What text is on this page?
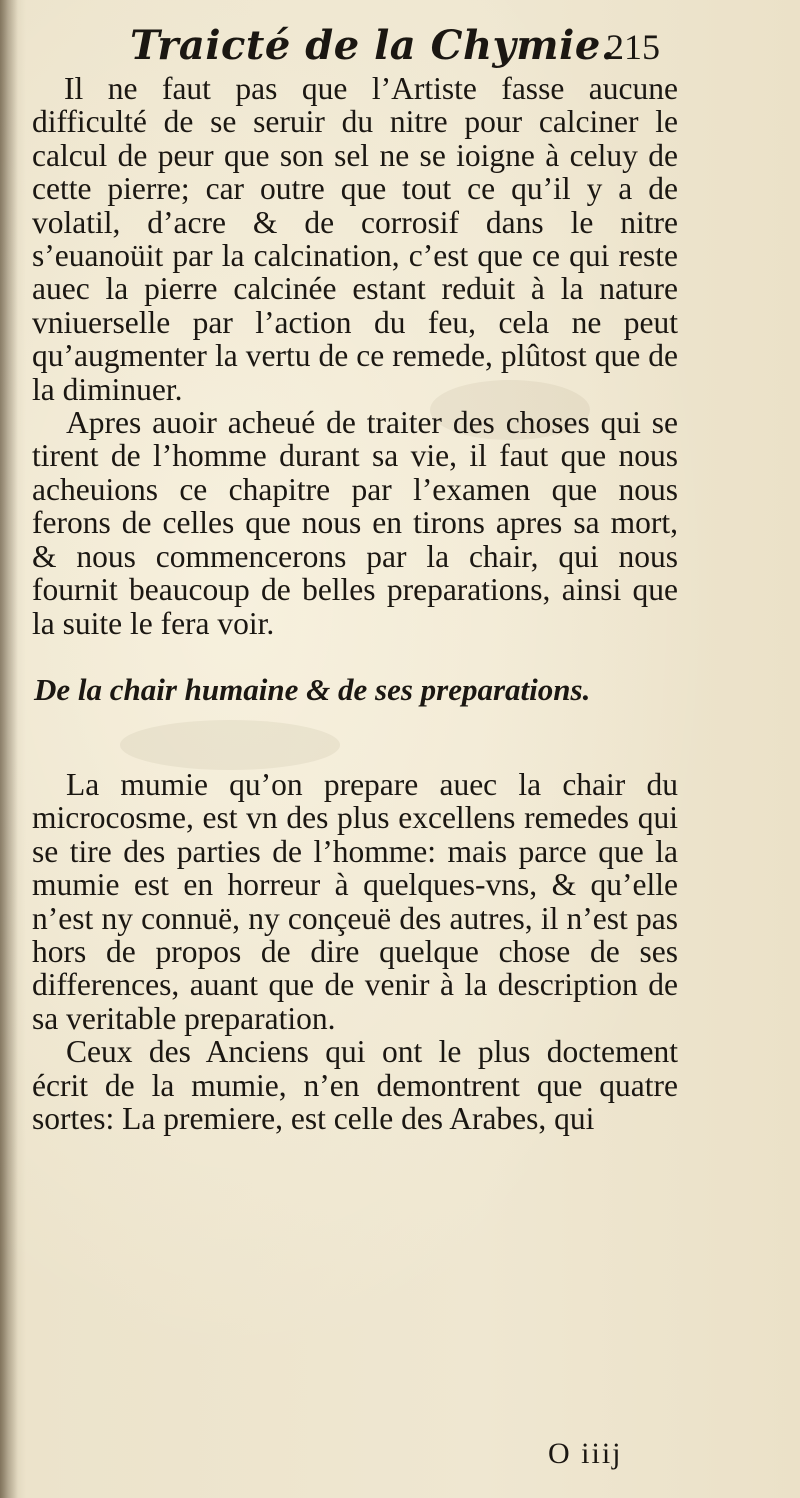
Traicté de la Chymie.
215

Il ne faut pas que l’Artiste fasse aucune difficulté de se seruir du nitre pour calciner le calcul de peur que son sel ne se ioigne à celuy de cette pierre; car outre que tout ce qu’il y a de volatil, d’acre & de corrosif dans le nitre s’euanoüit par la calcination, c’est que ce qui reste auec la pierre calcinée estant reduit à la nature vniuerselle par l’action du feu, cela ne peut qu’augmenter la vertu de ce remede, plûtost que de la diminuer.

Apres auoir acheué de traiter des choses qui se tirent de l’homme durant sa vie, il faut que nous acheuions ce chapitre par l’examen que nous ferons de celles que nous en tirons apres sa mort, & nous commencerons par la chair, qui nous fournit beaucoup de belles preparations, ainsi que la suite le fera voir.

De la chair humaine & de ses preparations.

La mumie qu’on prepare auec la chair du microcosme, est vn des plus excellens remedes qui se tire des parties de l’homme: mais parce que la mumie est en horreur à quelques-vns, & qu’elle n’est ny connuë, ny conçeuë des autres, il n’est pas hors de propos de dire quelque chose de ses differences, auant que de venir à la description de sa veritable preparation.

Ceux des Anciens qui ont le plus doctement écrit de la mumie, n’en demontrent que quatre sortes: La premiere, est celle des Arabes, qui

O iiij
